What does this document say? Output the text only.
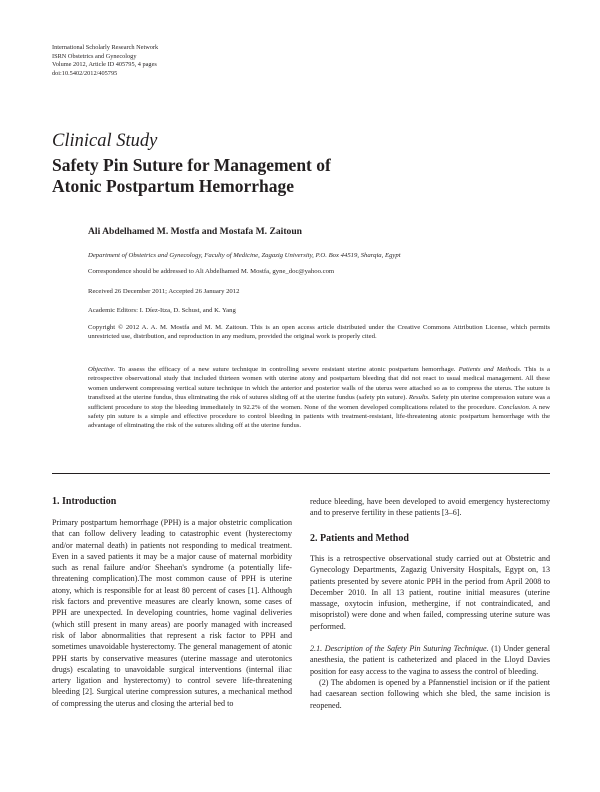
International Scholarly Research Network
ISRN Obstetrics and Gynecology
Volume 2012, Article ID 405795, 4 pages
doi:10.5402/2012/405795
Clinical Study
Safety Pin Suture for Management of
Atonic Postpartum Hemorrhage
Ali Abdelhamed M. Mostfa and Mostafa M. Zaitoun
Department of Obstetrics and Gynecology, Faculty of Medicine, Zagazig University, P.O. Box 44519, Sharqia, Egypt
Correspondence should be addressed to Ali Abdelhamed M. Mostfa, gyne_doc@yahoo.com
Received 26 December 2011; Accepted 26 January 2012
Academic Editors: I. Díez-Itza, D. Schust, and K. Yang
Copyright © 2012 A. A. M. Mostfa and M. M. Zaitoun. This is an open access article distributed under the Creative Commons Attribution License, which permits unrestricted use, distribution, and reproduction in any medium, provided the original work is properly cited.
Objective. To assess the efficacy of a new suture technique in controlling severe resistant uterine atonic postpartum hemorrhage. Patients and Methods. This is a retrospective observational study that included thirteen women with uterine atony and postpartum bleeding that did not react to usual medical management. All these women underwent compressing vertical suture technique in which the anterior and posterior walls of the uterus were attached so as to compress the uterus. The suture is transfixed at the uterine fundus, thus eliminating the risk of sutures sliding off at the uterine fundus (safety pin suture). Results. Safety pin uterine compression suture was a sufficient procedure to stop the bleeding immediately in 92.2% of the women. None of the women developed complications related to the procedure. Conclusion. A new safety pin suture is a simple and effective procedure to control bleeding in patients with treatment-resistant, life-threatening atonic postpartum hemorrhage with the advantage of eliminating the risk of the sutures sliding off at the uterine fundus.
1. Introduction

Primary postpartum hemorrhage (PPH) is a major obstetric complication that can follow delivery leading to catastrophic event (hysterectomy and/or maternal death) in patients not responding to medical treatment. Even in a saved patients it may be a major cause of maternal morbidity such as renal failure and/or Sheehan's syndrome (a potentially life-threatening complication).The most common cause of PPH is uterine atony, which is responsible for at least 80 percent of cases [1]. Although risk factors and preventive measures are clearly known, some cases of PPH are unexpected. In developing countries, home vaginal deliveries (which still present in many areas) are poorly managed with increased risk of labor abnormalities that represent a risk factor to PPH and sometimes unavoidable hysterectomy. The general management of atonic PPH starts by conservative measures (uterine massage and uterotonics drugs) escalating to unavoidable surgical interventions (internal iliac artery ligation and hysterectomy) to control severe life-threatening bleeding [2]. Surgical uterine compression sutures, a mechanical method of compressing the uterus and closing the arterial bed to

reduce bleeding, have been developed to avoid emergency hysterectomy and to preserve fertility in these patients [3–6].

2. Patients and Method

This is a retrospective observational study carried out at Obstetric and Gynecology Departments, Zagazig University Hospitals, Egypt on, 13 patients presented by severe atonic PPH in the period from April 2008 to December 2010. In all 13 patient, routine initial measures (uterine massage, oxytocin infusion, methergine, if not contraindicated, and misopristol) were done and when failed, compressing uterine suture was performed.

2.1. Description of the Safety Pin Suturing Technique. (1) Under general anesthesia, the patient is catheterized and placed in the Lloyd Davies position for easy access to the vagina to assess the control of bleeding.

(2) The abdomen is opened by a Pfannenstiel incision or if the patient had caesarean section following which she bled, the same incision is reopened.
